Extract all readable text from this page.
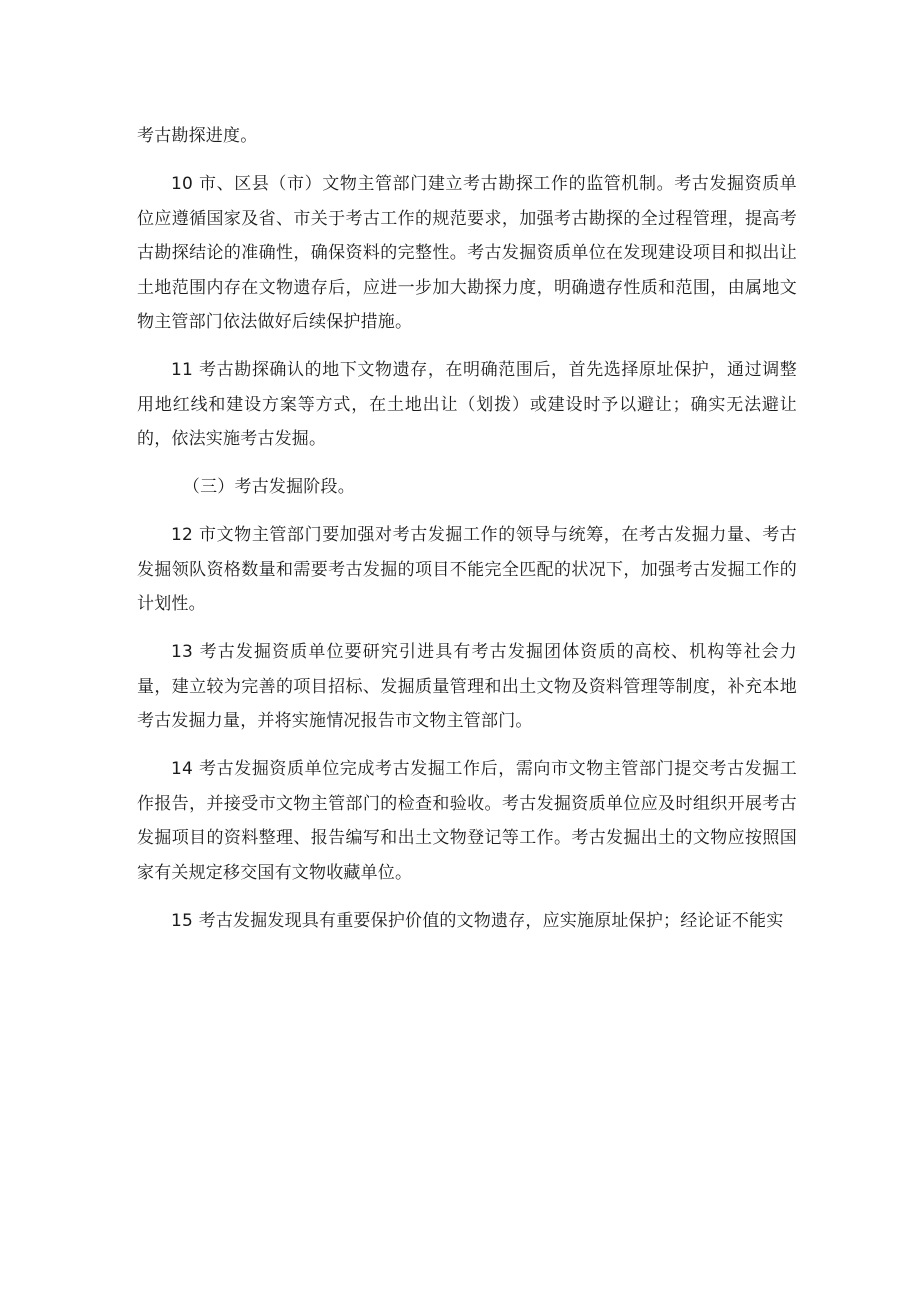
考古勘探进度。

10 市、区县（市）文物主管部门建立考古勘探工作的监管机制。考古发掘资质单位应遵循国家及省、市关于考古工作的规范要求，加强考古勘探的全过程管理，提高考古勘探结论的准确性，确保资料的完整性。考古发掘资质单位在发现建设项目和拟出让土地范围内存在文物遗存后，应进一步加大勘探力度，明确遗存性质和范围，由属地文物主管部门依法做好后续保护措施。

11 考古勘探确认的地下文物遗存，在明确范围后，首先选择原址保护，通过调整用地红线和建设方案等方式，在土地出让（划拨）或建设时予以避让；确实无法避让的，依法实施考古发掘。

（三）考古发掘阶段。

12 市文物主管部门要加强对考古发掘工作的领导与统筹，在考古发掘力量、考古发掘领队资格数量和需要考古发掘的项目不能完全匹配的状况下，加强考古发掘工作的计划性。

13 考古发掘资质单位要研究引进具有考古发掘团体资质的高校、机构等社会力量，建立较为完善的项目招标、发掘质量管理和出土文物及资料管理等制度，补充本地考古发掘力量，并将实施情况报告市文物主管部门。

14 考古发掘资质单位完成考古发掘工作后，需向市文物主管部门提交考古发掘工作报告，并接受市文物主管部门的检查和验收。考古发掘资质单位应及时组织开展考古发掘项目的资料整理、报告编写和出土文物登记等工作。考古发掘出土的文物应按照国家有关规定移交国有文物收藏单位。

15 考古发掘发现具有重要保护价值的文物遗存，应实施原址保护；经论证不能实
